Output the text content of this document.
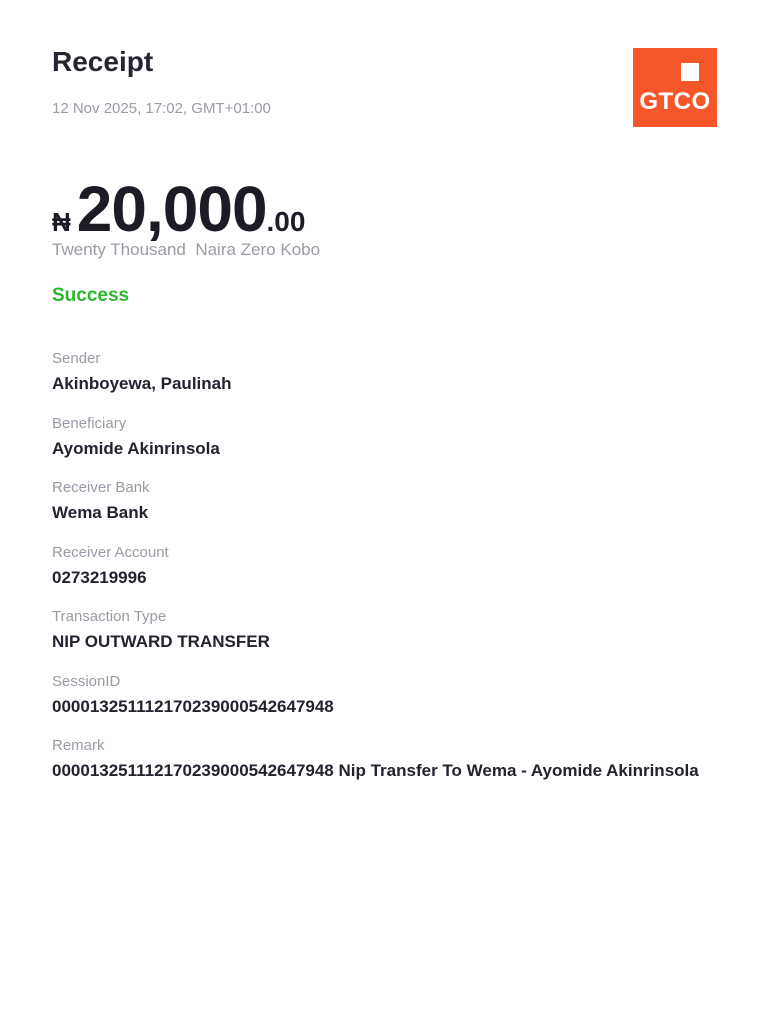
Receipt
12 Nov 2025, 17:02, GMT+01:00	GTCO
₦20,000.00
Twenty Thousand  Naira Zero Kobo
Success
Sender
Akinboyewa, Paulinah
Beneficiary
Ayomide Akinrinsola
Receiver Bank
Wema Bank
Receiver Account
0273219996
Transaction Type
NIP OUTWARD TRANSFER
SessionID
000013251112170239000542647948
Remark
000013251112170239000542647948 Nip Transfer To Wema - Ayomide Akinrinsola
